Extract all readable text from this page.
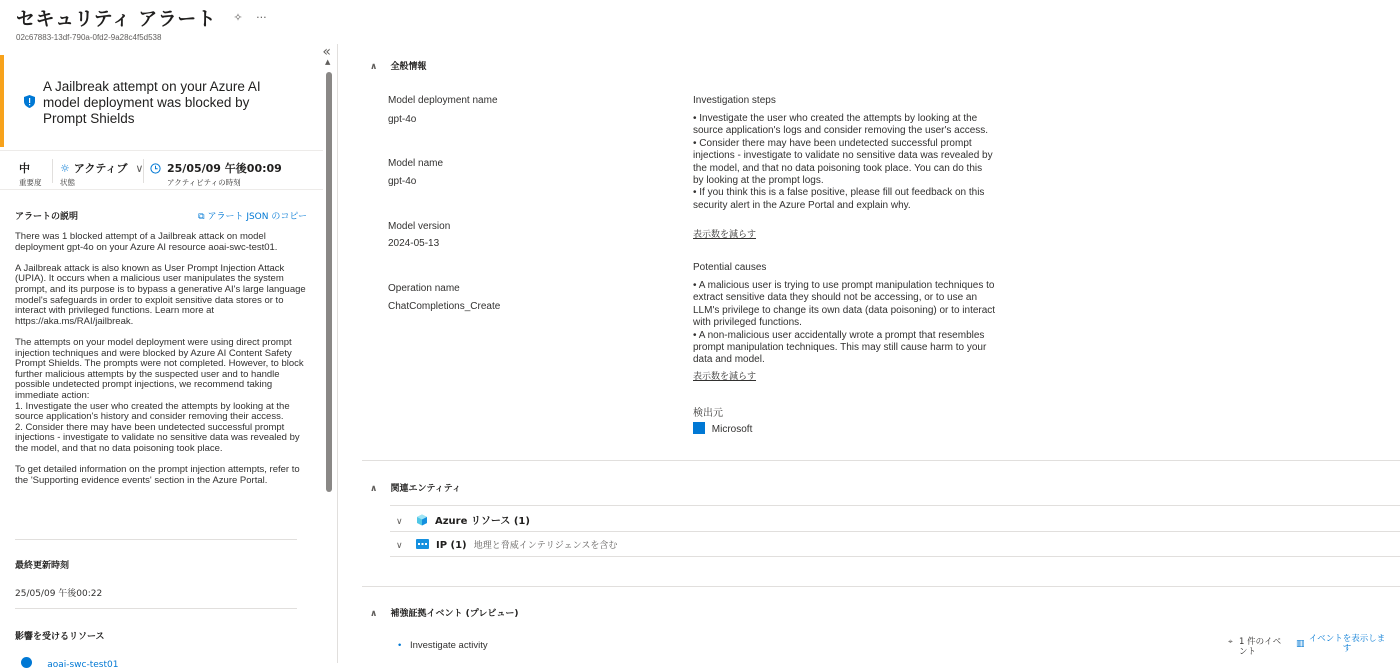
セキュリティ アラート ✧ ···
02c67883-13df-790a-0fd2-9a28c4f5d538
«
▲
A Jailbreak attempt on your Azure AI model deployment was blocked by Prompt Shields
中
重要度
☼ アクティブ ∨
状態
25/05/09 午後00:09
アクティビティの時刻
アラートの説明	⧉ アラート JSON のコピー
There was 1 blocked attempt of a Jailbreak attack on model deployment gpt-4o on your Azure AI resource aoai-swc-test01.

A Jailbreak attack is also known as User Prompt Injection Attack (UPIA). It occurs when a malicious user manipulates the system prompt, and its purpose is to bypass a generative AI's large language model's safeguards in order to exploit sensitive data stores or to interact with privileged functions. Learn more at https://aka.ms/RAI/jailbreak.

The attempts on your model deployment were using direct prompt injection techniques and were blocked by Azure AI Content Safety Prompt Shields. The prompts were not completed. However, to block further malicious attempts by the suspected user and to handle possible undetected prompt injections, we recommend taking immediate action:
1. Investigate the user who created the attempts by looking at the source application's history and consider removing their access.
2. Consider there may have been undetected successful prompt injections - investigate to validate no sensitive data was revealed by the model, and that no data poisoning took place.

To get detailed information on the prompt injection attempts, refer to the 'Supporting evidence events' section in the Azure Portal.
最終更新時刻
25/05/09 午後00:22
影響を受けるリソース
aoai-swc-test01
∧ 全般情報
Model deployment name
gpt-4o
Model name
gpt-4o
Model version
2024-05-13
Operation name
ChatCompletions_Create
Investigation steps
• Investigate the user who created the attempts by looking at the source application's logs and consider removing the user's access.
• Consider there may have been undetected successful prompt injections - investigate to validate no sensitive data was revealed by the model, and that no data poisoning took place. You can do this by looking at the prompt logs.
• If you think this is a false positive, please fill out feedback on this security alert in the Azure Portal and explain why.
表示数を減らす
Potential causes
• A malicious user is trying to use prompt manipulation techniques to extract sensitive data they should not be accessing, or to use an LLM's privilege to change its own data (data poisoning) or to interact with privileged functions.
• A non-malicious user accidentally wrote a prompt that resembles prompt manipulation techniques. This may still cause harm to your data and model.
表示数を減らす
検出元
Microsoft
∧ 関連エンティティ
∨	Azure リソース (1)
∨	IP (1) 地理と脅威インテリジェンスを含む
∧ 補強証拠イベント (プレビュー)
• Investigate activity	⌖ 1 件のイベント
▥ イベントを表示します
